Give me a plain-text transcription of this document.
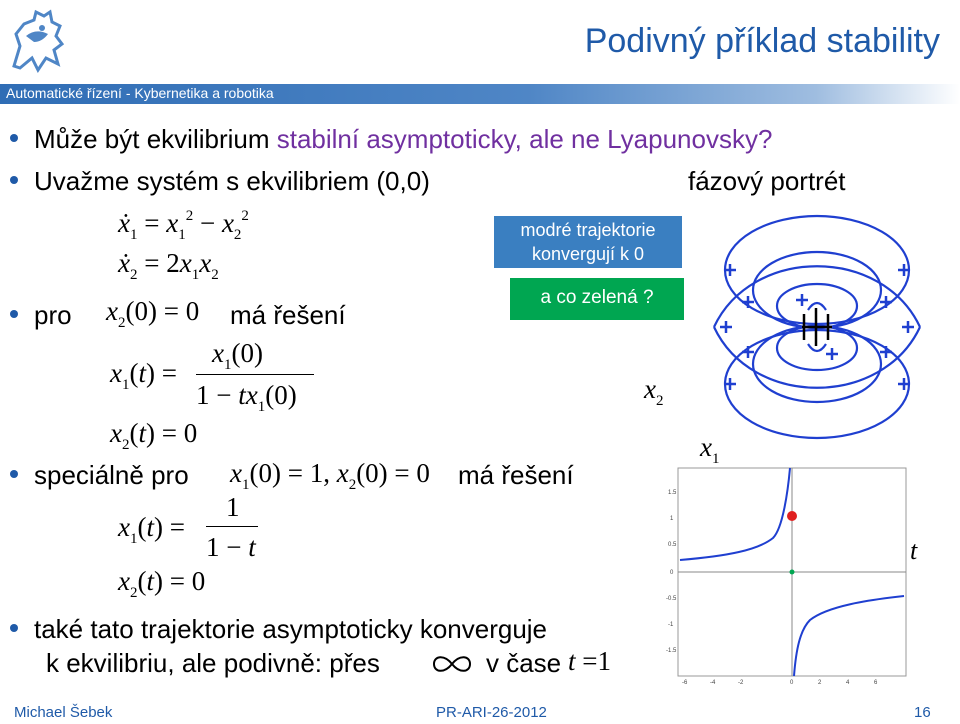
Podivný příklad stability
Automatické řízení - Kybernetika a robotika
Může být ekvilibrium stabilní asymptoticky, ale ne Lyapunovsky?
Uvažme systém s ekvilibriem (0,0)	fázový portrét
ẋ$_1$ = $x_1^2 - x_2^2$
ẋ$_2$ = $2x_1x_2$
pro $x_2(0) = 0$ má řešení
$x_1(t)$ =
$x_1(0)$
$1 - tx_1(0)$
$x_2(t) = 0$
speciálně pro $x_1(0) = 1$, $x_2(0) = 0$ má řešení
$x_1(t)$ =
1
1 − t
$x_2(t) = 0$
také tato trajektorie asymptoticky konverguje
k ekvilibriu, ale podivně: přes	v čase t =1
modré trajektorie
konvergují k 0
a co zelená ?
$x_2$
$x_1$
t
1.5
1
0.5
0
-0.5
-1
-1.5
-6	-4	-2	0	2	4	6
Michael Šebek	PR-ARI-26-2012	16
